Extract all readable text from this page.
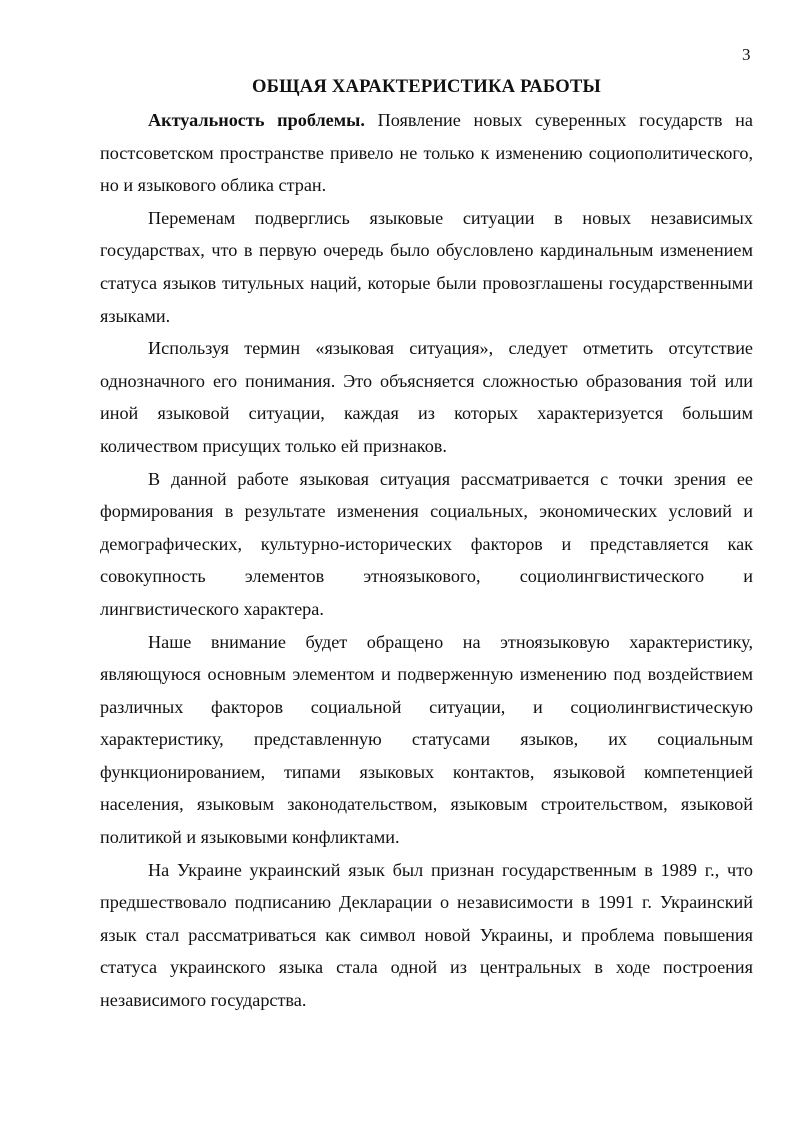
3
ОБЩАЯ ХАРАКТЕРИСТИКА РАБОТЫ

Актуальность проблемы. Появление новых суверенных государств на постсоветском пространстве привело не только к изменению социополитического, но и языкового облика стран.

Переменам подверглись языковые ситуации в новых независимых государствах, что в первую очередь было обусловлено кардинальным изменением статуса языков титульных наций, которые были провозглашены государственными языками.

Используя термин «языковая ситуация», следует отметить отсутствие однозначного его понимания. Это объясняется сложностью образования той или иной языковой ситуации, каждая из которых характеризуется большим количеством присущих только ей признаков.

В данной работе языковая ситуация рассматривается с точки зрения ее формирования в результате изменения социальных, экономических условий и демографических, культурно-исторических факторов и представляется как совокупность элементов этноязыкового, социолингвистического и лингвистического характера.

Наше внимание будет обращено на этноязыковую характеристику, являющуюся основным элементом и подверженную изменению под воздействием различных факторов социальной ситуации, и социолингвистическую характеристику, представленную статусами языков, их социальным функционированием, типами языковых контактов, языковой компетенцией населения, языковым законодательством, языковым строительством, языковой политикой и языковыми конфликтами.

На Украине украинский язык был признан государственным в 1989 г., что предшествовало подписанию Декларации о независимости в 1991 г. Украинский язык стал рассматриваться как символ новой Украины, и проблема повышения статуса украинского языка стала одной из центральных в ходе построения независимого государства.
